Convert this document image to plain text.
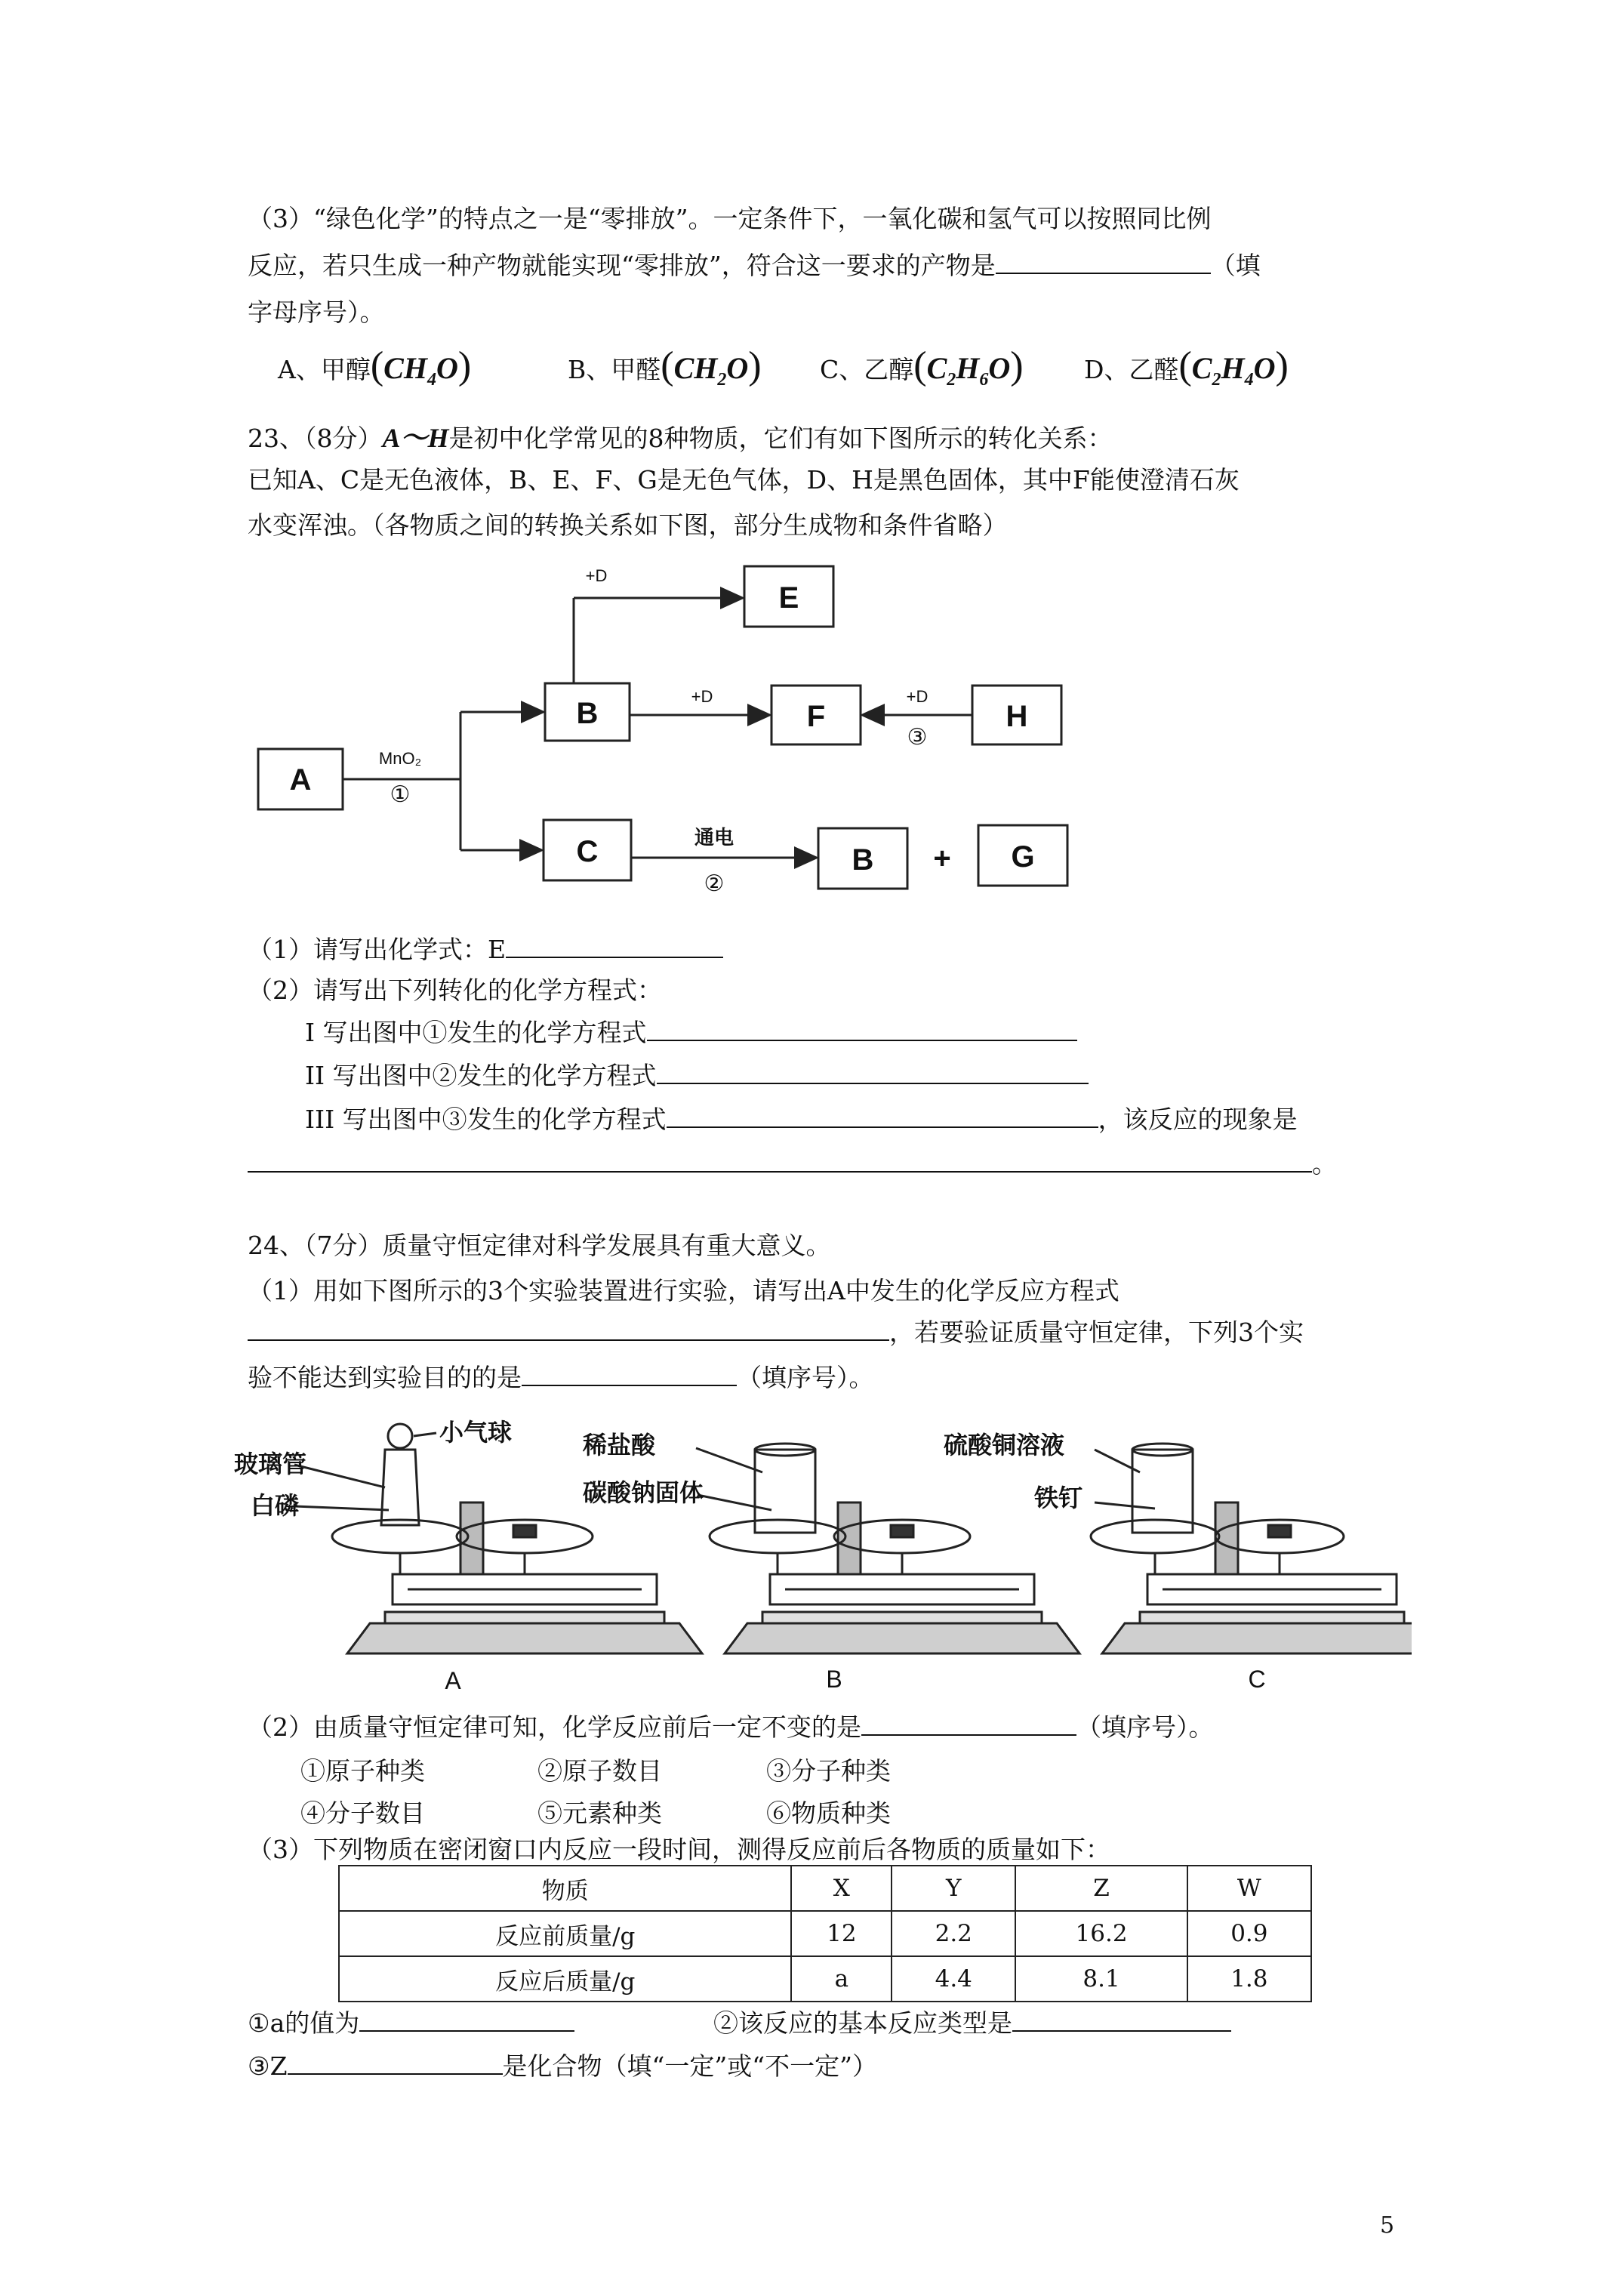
（3）“绿色化学”的特点之一是“零排放”。一定条件下，一氧化碳和氢气可以按照同比例
反应，若只生成一种产物就能实现“零排放”，符合这一要求的产物是	（填
字母序号）。
A、甲醇$(CH_4O)$	B、甲醛$(CH_2O)$ C、乙醇$(C_2H_6O)$ D、乙醛$(C_2H_4O)$
23、（8分）A～H是初中化学常见的8种物质，它们有如下图所示的转化关系：
已知A、C是无色液体，B、E、F、G是无色气体，D、H是黑色固体，其中F能使澄清石灰
水变浑浊。（各物质之间的转换关系如下图，部分生成物和条件省略）
A
B
E
F	H
C	B	G
+
+D
+D	+D
MnO₂
通电
①
②
③
（1）请写出化学式：E
（2）请写出下列转化的化学方程式：
I 写出图中①发生的化学方程式
II 写出图中②发生的化学方程式
III 写出图中③发生的化学方程式	，该反应的现象是
。
24、（7分）质量守恒定律对科学发展具有重大意义。
（1）用如下图所示的3个实验装置进行实验，请写出A中发生的化学反应方程式
，若要验证质量守恒定律，下列3个实
验不能达到实验目的的是	（填序号）。
玻璃管
白磷
小气球	稀盐酸
碳酸钠固体
硫酸铜溶液
铁钉
A	B	C
（2）由质量守恒定律可知，化学反应前后一定不变的是	（填序号）。
①原子种类	②原子数目	③分子种类
④分子数目	⑤元素种类	⑥物质种类
（3）下列物质在密闭窗口内反应一段时间，测得反应前后各物质的质量如下：
物质	X	Y	Z	W
反应前质量/g	12	2.2	16.2	0.9
反应后质量/g	a	4.4	8.1	1.8
①a的值为	②该反应的基本反应类型是
③Z	是化合物（填“一定”或“不一定”）
5
